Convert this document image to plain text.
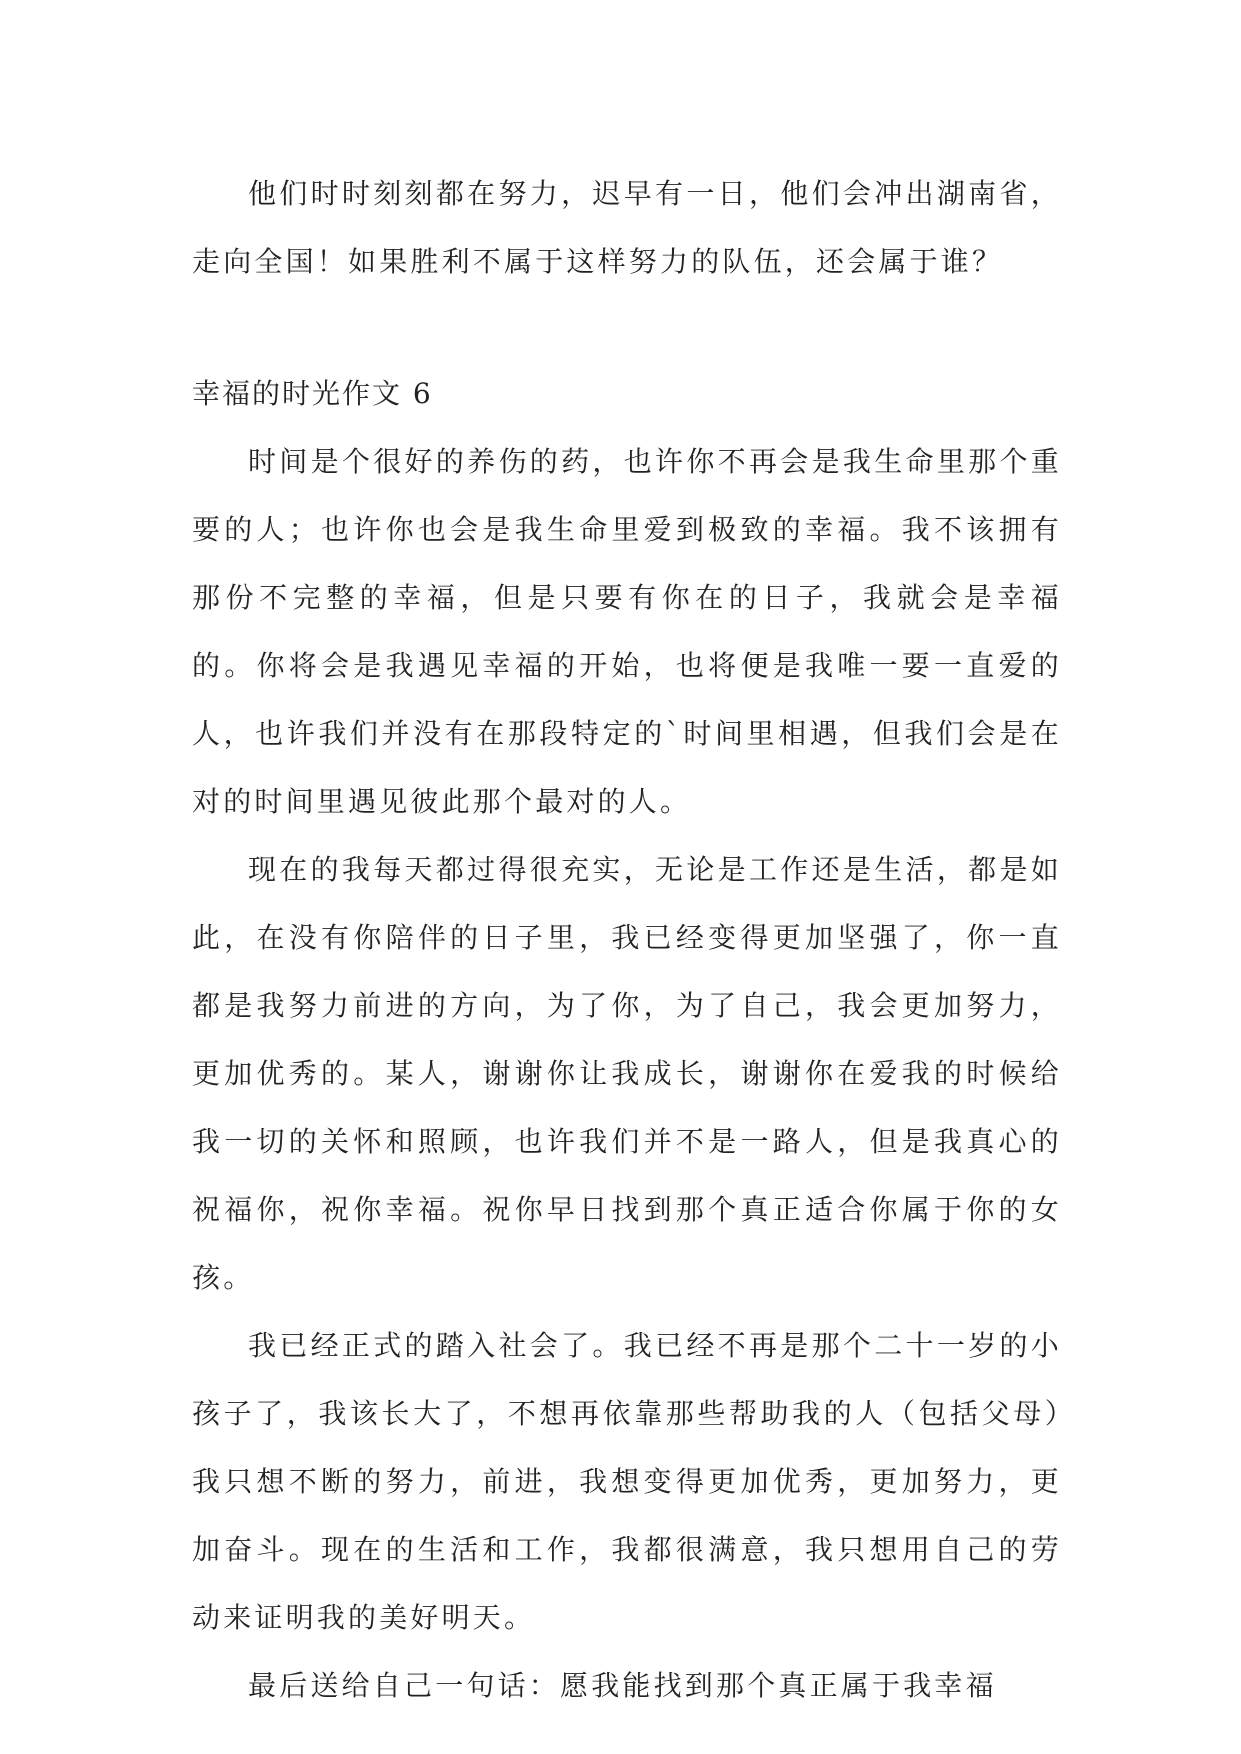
他们时时刻刻都在努力，迟早有一日，他们会冲出湖南省，走向全国！如果胜利不属于这样努力的队伍，还会属于谁？

幸福的时光作文 6

时间是个很好的养伤的药，也许你不再会是我生命里那个重要的人；也许你也会是我生命里爱到极致的幸福。我不该拥有那份不完整的幸福，但是只要有你在的日子，我就会是幸福的。你将会是我遇见幸福的开始，也将便是我唯一要一直爱的人，也许我们并没有在那段特定的`时间里相遇，但我们会是在对的时间里遇见彼此那个最对的人。

现在的我每天都过得很充实，无论是工作还是生活，都是如此，在没有你陪伴的日子里，我已经变得更加坚强了，你一直都是我努力前进的方向，为了你，为了自己，我会更加努力，更加优秀的。某人，谢谢你让我成长，谢谢你在爱我的时候给我一切的关怀和照顾，也许我们并不是一路人，但是我真心的祝福你，祝你幸福。祝你早日找到那个真正适合你属于你的女孩。

我已经正式的踏入社会了。我已经不再是那个二十一岁的小孩子了，我该长大了，不想再依靠那些帮助我的人（包括父母）我只想不断的努力，前进，我想变得更加优秀，更加努力，更加奋斗。现在的生活和工作，我都很满意，我只想用自己的劳动来证明我的美好明天。

最后送给自己一句话：愿我能找到那个真正属于我幸福
